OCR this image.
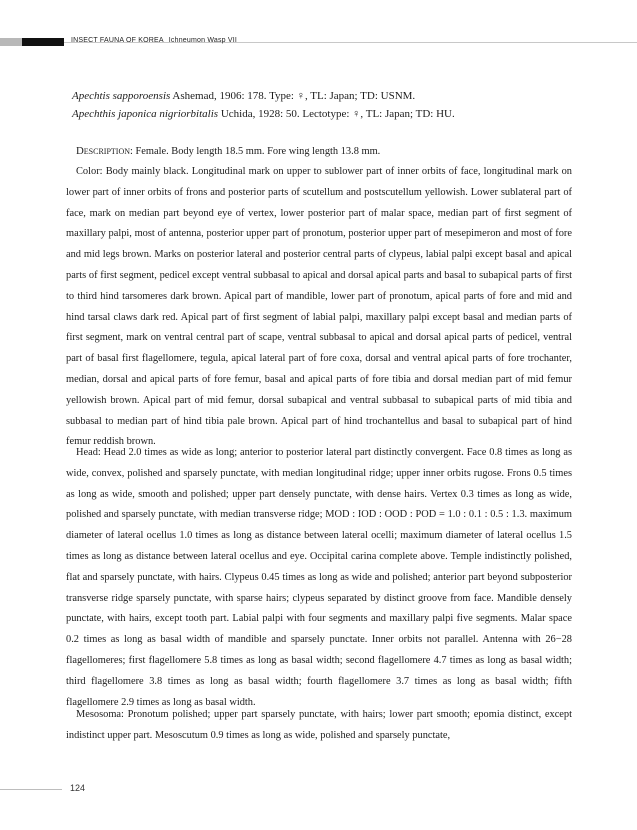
INSECT FAUNA OF KOREA Ichneumon Wasp VII
Apechtis sapporoensis Ashemad, 1906: 178. Type: ♀, TL: Japan; TD: USNM.
Apechthis japonica nigriorbitalis Uchida, 1928: 50. Lectotype: ♀, TL: Japan; TD: HU.

Description: Female. Body length 18.5 mm. Fore wing length 13.8 mm.

Color: Body mainly black. Longitudinal mark on upper to sublower part of inner orbits of face, longitudinal mark on lower part of inner orbits of frons and posterior parts of scutellum and postscutellum yellowish. Lower sublateral part of face, mark on median part beyond eye of vertex, lower posterior part of malar space, median part of first segment of maxillary palpi, most of antenna, posterior upper part of pronotum, posterior upper part of mesepimeron and most of fore and mid legs brown. Marks on posterior lateral and posterior central parts of clypeus, labial palpi except basal and apical parts of first segment, pedicel except ventral subbasal to apical and dorsal apical parts and basal to subapical parts of first to third hind tarsomeres dark brown. Apical part of mandible, lower part of pronotum, apical parts of fore and mid and hind tarsal claws dark red. Apical part of first segment of labial palpi, maxillary palpi except basal and median parts of first segment, mark on ventral central part of scape, ventral subbasal to apical and dorsal apical parts of pedicel, ventral part of basal first flagellomere, tegula, apical lateral part of fore coxa, dorsal and ventral apical parts of fore trochanter, median, dorsal and apical parts of fore femur, basal and apical parts of fore tibia and dorsal median part of mid femur yellowish brown. Apical part of mid femur, dorsal subapical and ventral subbasal to subapical parts of mid tibia and subbasal to median part of hind tibia pale brown. Apical part of hind trochantellus and basal to subapical part of hind femur reddish brown.

Head: Head 2.0 times as wide as long; anterior to posterior lateral part distinctly convergent. Face 0.8 times as long as wide, convex, polished and sparsely punctate, with median longitudinal ridge; upper inner orbits rugose. Frons 0.5 times as long as wide, smooth and polished; upper part densely punctate, with dense hairs. Vertex 0.3 times as long as wide, polished and sparsely punctate, with median transverse ridge; MOD : IOD : OOD : POD = 1.0 : 0.1 : 0.5 : 1.3. maximum diameter of lateral ocellus 1.0 times as long as distance between lateral ocelli; maximum diameter of lateral ocellus 1.5 times as long as distance between lateral ocellus and eye. Occipital carina complete above. Temple indistinctly polished, flat and sparsely punctate, with hairs. Clypeus 0.45 times as long as wide and polished; anterior part beyond subposterior transverse ridge sparsely punctate, with sparse hairs; clypeus separated by distinct groove from face. Mandible densely punctate, with hairs, except tooth part. Labial palpi with four segments and maxillary palpi five segments. Malar space 0.2 times as long as basal width of mandible and sparsely punctate. Inner orbits not parallel. Antenna with 26−28 flagellomeres; first flagellomere 5.8 times as long as basal width; second flagellomere 4.7 times as long as basal width; third flagellomere 3.8 times as long as basal width; fourth flagellomere 3.7 times as long as basal width; fifth flagellomere 2.9 times as long as basal width.

Mesosoma: Pronotum polished; upper part sparsely punctate, with hairs; lower part smooth; epomia distinct, except indistinct upper part. Mesoscutum 0.9 times as long as wide, polished and sparsely punctate,

124
